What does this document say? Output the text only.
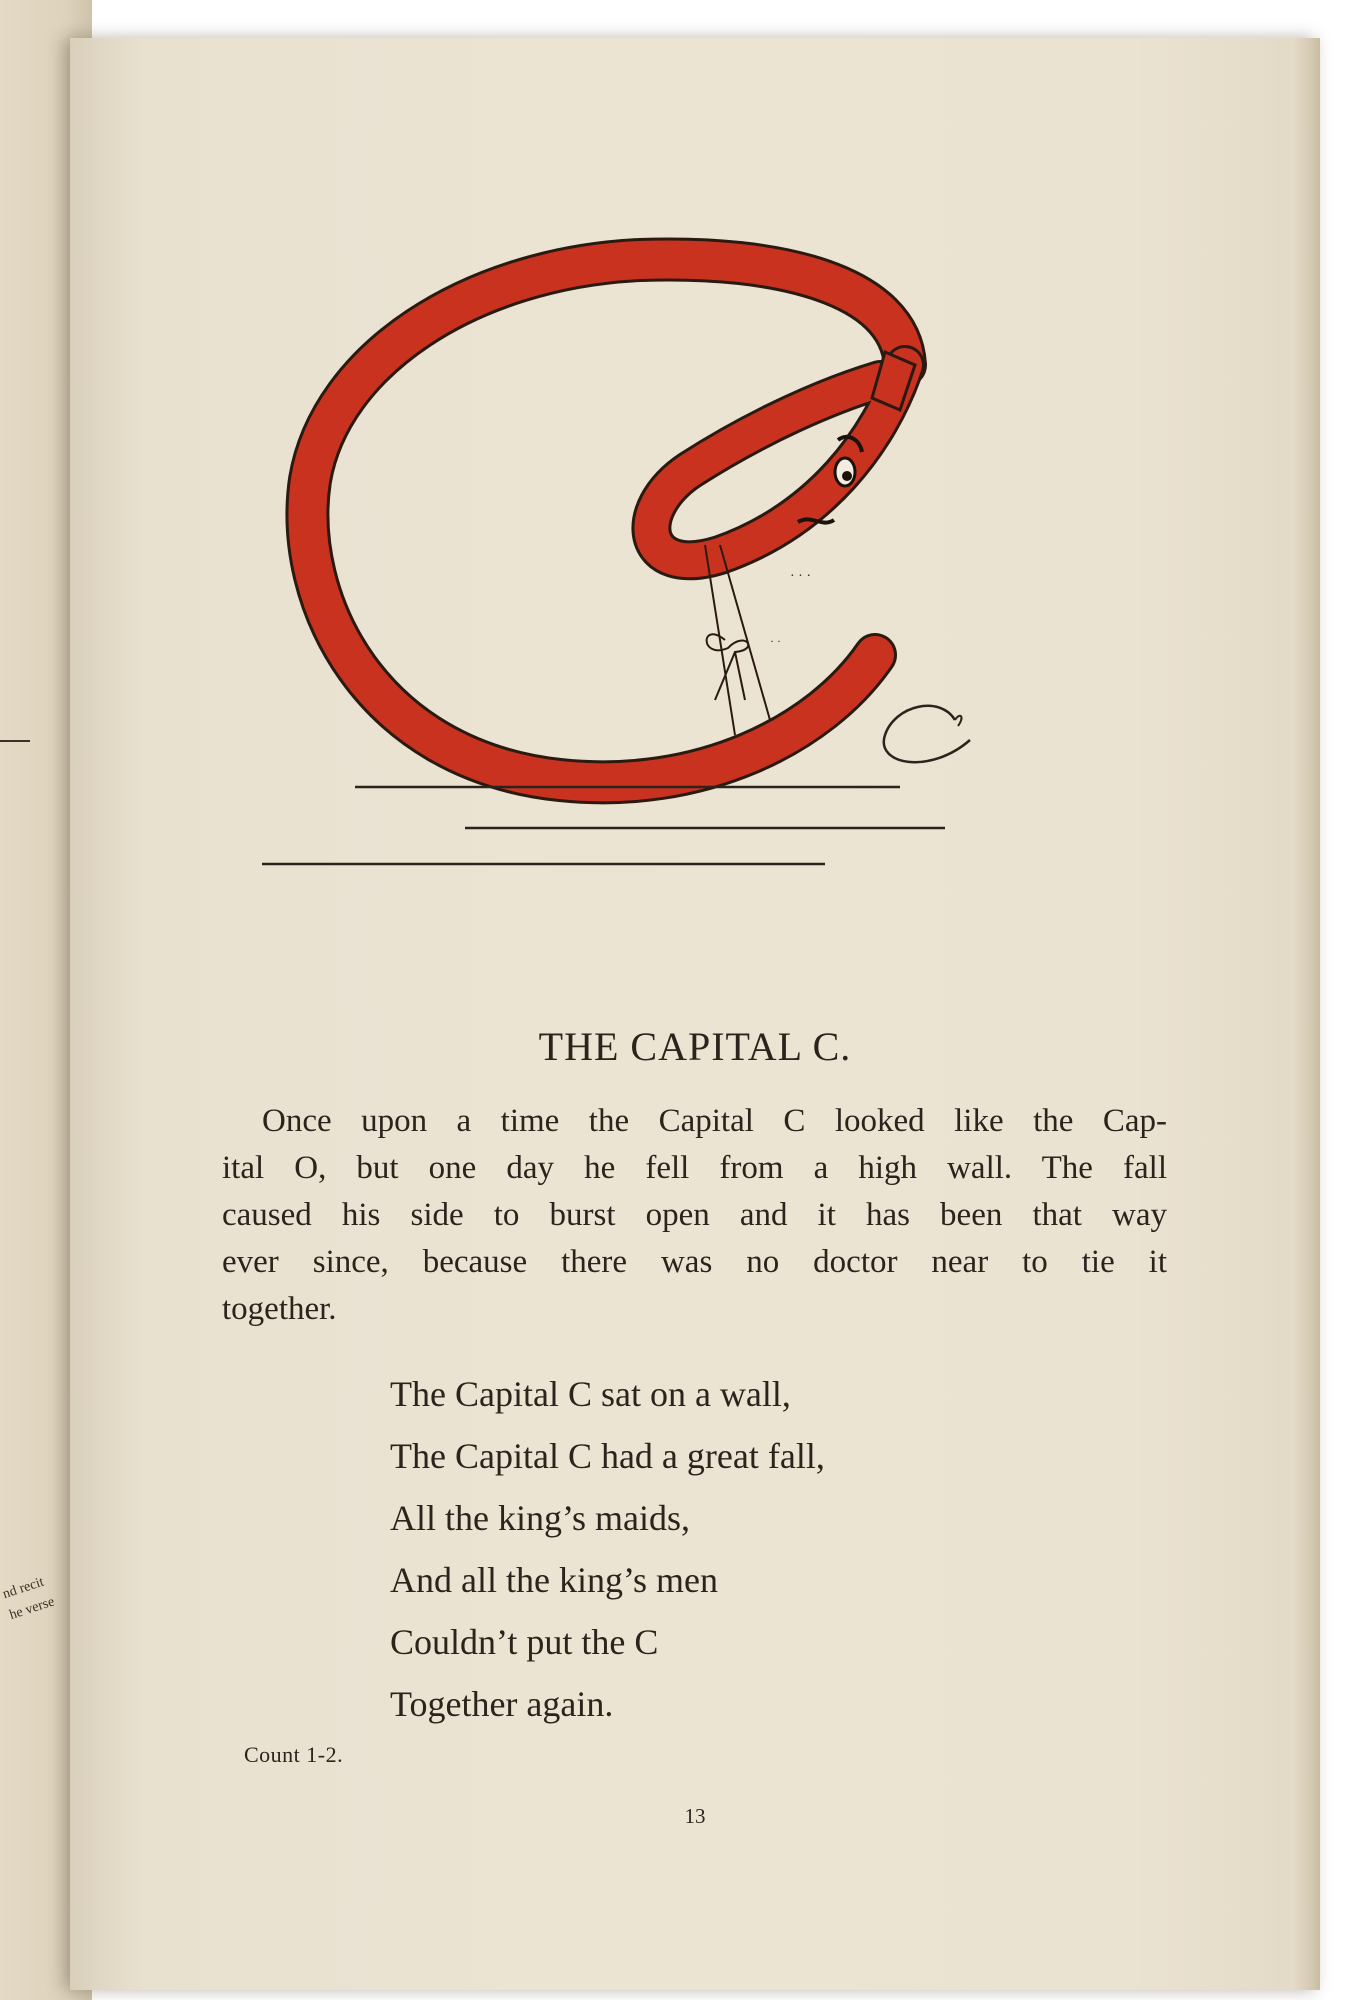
nd recit
he verse
THE CAPITAL C.
Once upon a time the Capital C looked like the Cap-
ital O, but one day he fell from a high wall. The fall
caused his side to burst open and it has been that way
ever since, because there was no doctor near to tie it
together.
The Capital C sat on a wall,
The Capital C had a great fall,
All the king’s maids,
And all the king’s men
Couldn’t put the C
Together again.
Count 1-2.
13
· · ·
· ·
